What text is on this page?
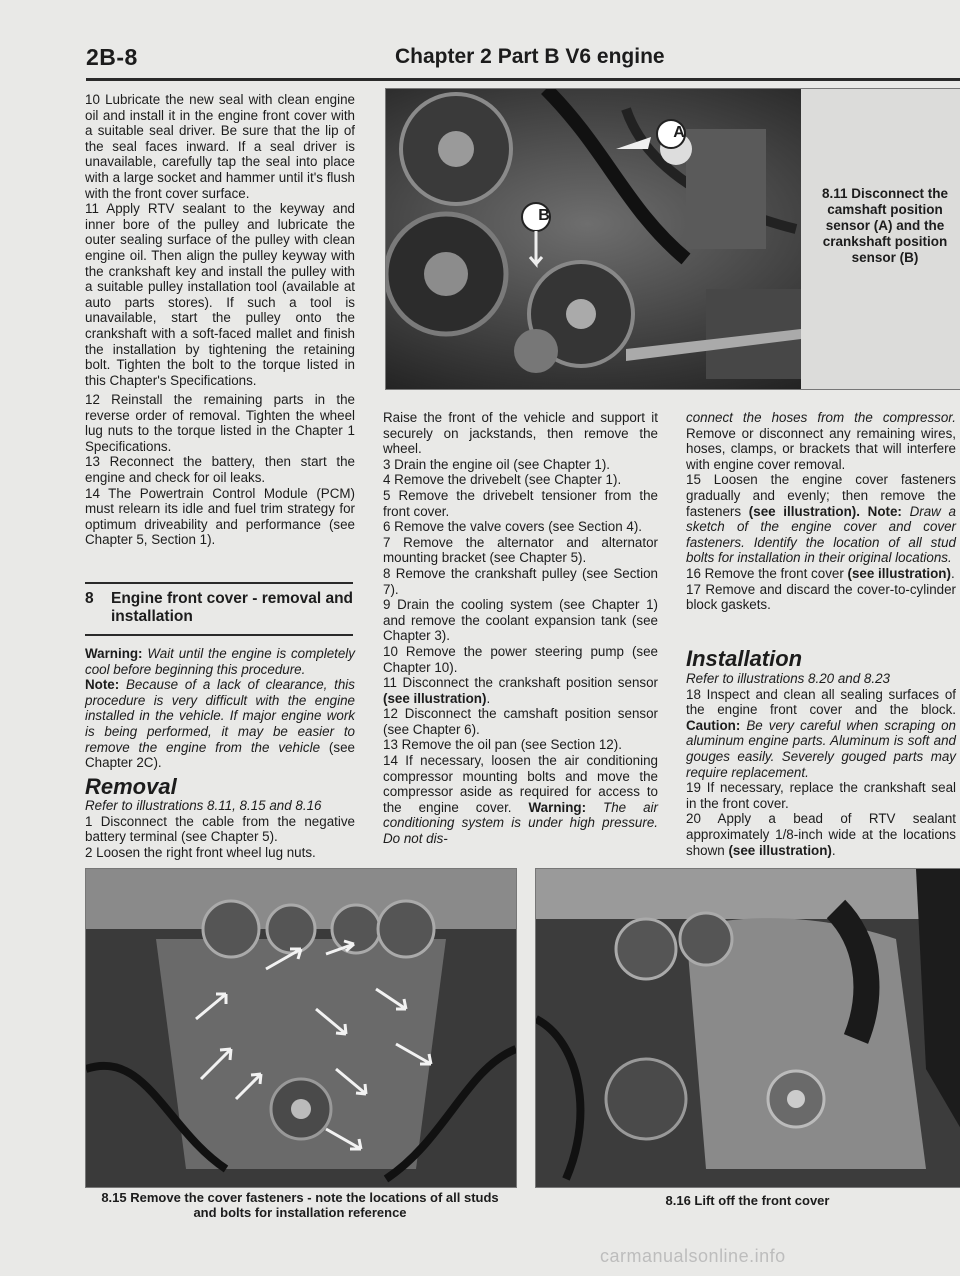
2B-8	Chapter 2 Part B V6 engine

10 Lubricate the new seal with clean engine oil and install it in the engine front cover with a suitable seal driver. Be sure that the lip of the seal faces inward. If a seal driver is unavailable, carefully tap the seal into place with a large socket and hammer until it's flush with the front cover surface.

11 Apply RTV sealant to the keyway and inner bore of the pulley and lubricate the outer sealing surface of the pulley with clean engine oil. Then align the pulley keyway with the crankshaft key and install the pulley with a suitable pulley installation tool (available at auto parts stores). If such a tool is unavailable, start the pulley onto the crankshaft with a soft-faced mallet and finish the installation by tightening the retaining bolt. Tighten the bolt to the torque listed in this Chapter's Specifications.

12 Reinstall the remaining parts in the reverse order of removal. Tighten the wheel lug nuts to the torque listed in the Chapter 1 Specifications.

13 Reconnect the battery, then start the engine and check for oil leaks.

14 The Powertrain Control Module (PCM) must relearn its idle and fuel trim strategy for optimum driveability and performance (see Chapter 5, Section 1).

8 Engine front cover - removal and
installation

Warning: Wait until the engine is completely cool before beginning this procedure.

Note: Because of a lack of clearance, this procedure is very difficult with the engine installed in the vehicle. If major engine work is being performed, it may be easier to remove the engine from the vehicle (see Chapter 2C).

Removal

Refer to illustrations 8.11, 8.15 and 8.16

1 Disconnect the cable from the negative battery terminal (see Chapter 5).

2 Loosen the right front wheel lug nuts.

A
B
8.11 Disconnect the camshaft position sensor (A) and the crankshaft position sensor (B)

Raise the front of the vehicle and support it securely on jackstands, then remove the wheel.

3 Drain the engine oil (see Chapter 1).

4 Remove the drivebelt (see Chapter 1).

5 Remove the drivebelt tensioner from the front cover.

6 Remove the valve covers (see Section 4).

7 Remove the alternator and alternator mounting bracket (see Chapter 5).

8 Remove the crankshaft pulley (see Section 7).

9 Drain the cooling system (see Chapter 1) and remove the coolant expansion tank (see Chapter 3).

10 Remove the power steering pump (see Chapter 10).

11 Disconnect the crankshaft position sensor (see illustration).

12 Disconnect the camshaft position sensor (see Chapter 6).

13 Remove the oil pan (see Section 12).

14 If necessary, loosen the air conditioning compressor mounting bolts and move the compressor aside as required for access to the engine cover. Warning: The air conditioning system is under high pressure. Do not dis-

connect the hoses from the compressor. Remove or disconnect any remaining wires, hoses, clamps, or brackets that will interfere with engine cover removal.

15 Loosen the engine cover fasteners gradually and evenly; then remove the fasteners (see illustration). Note: Draw a sketch of the engine cover and cover fasteners. Identify the location of all stud bolts for installation in their original locations.

16 Remove the front cover (see illustration).

17 Remove and discard the cover-to-cylinder block gaskets.

Installation

Refer to illustrations 8.20 and 8.23

18 Inspect and clean all sealing surfaces of the engine front cover and the block. Caution: Be very careful when scraping on aluminum engine parts. Aluminum is soft and gouges easily. Severely gouged parts may require replacement.

19 If necessary, replace the crankshaft seal in the front cover.

20 Apply a bead of RTV sealant approximately 1/8-inch wide at the locations shown (see illustration).

8.15 Remove the cover fasteners - note the locations of all studs
and bolts for installation reference
8.16 Lift off the front cover
carmanualsonline.info
